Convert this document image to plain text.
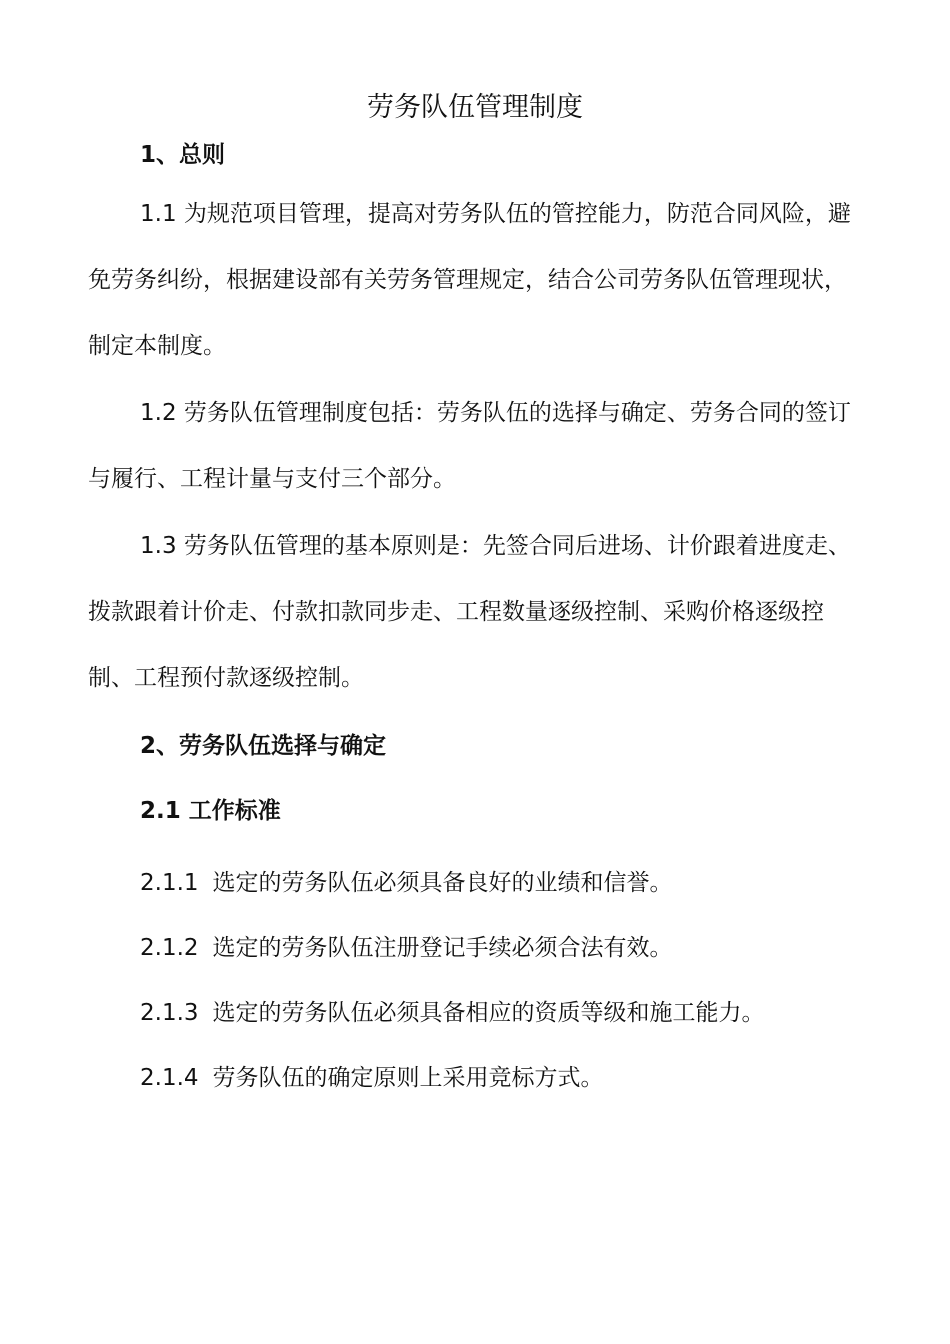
劳务队伍管理制度
1、总则

1.1 为规范项目管理，提高对劳务队伍的管控能力，防范合同风险，避免劳务纠纷，根据建设部有关劳务管理规定，结合公司劳务队伍管理现状，制定本制度。

1.2 劳务队伍管理制度包括：劳务队伍的选择与确定、劳务合同的签订与履行、工程计量与支付三个部分。

1.3 劳务队伍管理的基本原则是：先签合同后进场、计价跟着进度走、拨款跟着计价走、付款扣款同步走、工程数量逐级控制、采购价格逐级控制、工程预付款逐级控制。

2、劳务队伍选择与确定
2.1 工作标准

2.1.1 选定的劳务队伍必须具备良好的业绩和信誉。

2.1.2 选定的劳务队伍注册登记手续必须合法有效。

2.1.3 选定的劳务队伍必须具备相应的资质等级和施工能力。

2.1.4 劳务队伍的确定原则上采用竞标方式。
